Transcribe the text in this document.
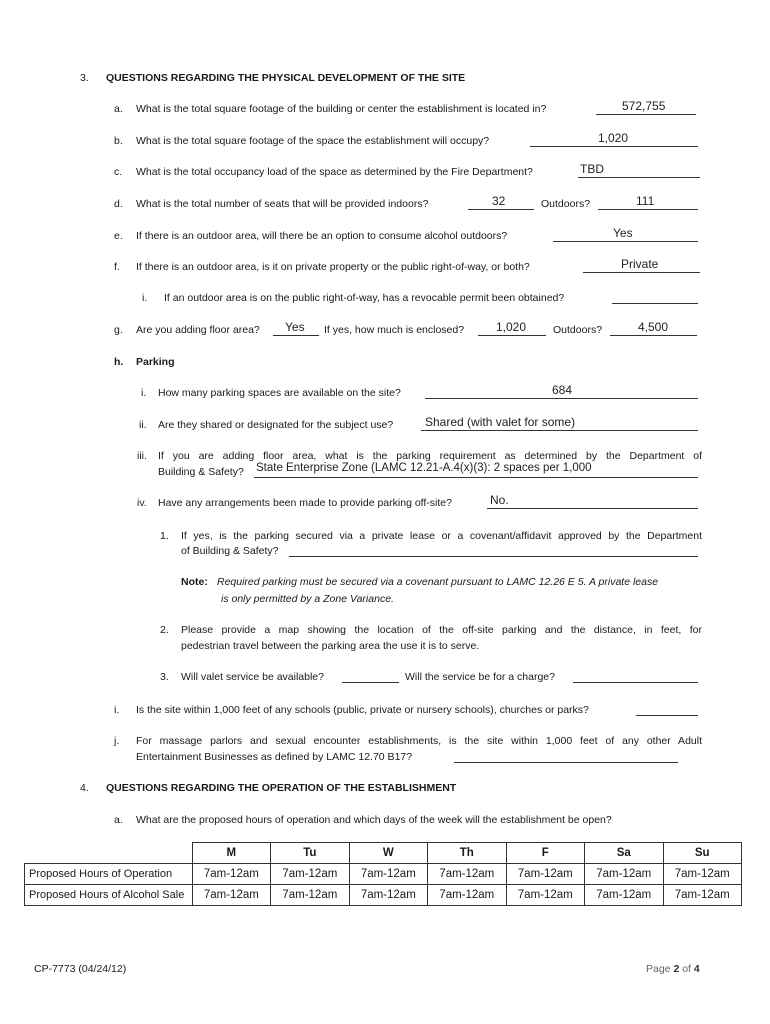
3. QUESTIONS REGARDING THE PHYSICAL DEVELOPMENT OF THE SITE
a. What is the total square footage of the building or center the establishment is located in?	572,755
b. What is the total square footage of the space the establishment will occupy?	1,020
c. What is the total occupancy load of the space as determined by the Fire Department?	TBD
d. What is the total number of seats that will be provided indoors?	32	Outdoors?	111
e. If there is an outdoor area, will there be an option to consume alcohol outdoors?	Yes
f. If there is an outdoor area, is it on private property or the public right-of-way, or both?	Private
i. If an outdoor area is on the public right-of-way, has a revocable permit been obtained?
g. Are you adding floor area? Yes If yes, how much is enclosed?	1,020	Outdoors?	4,500
h. Parking
i. How many parking spaces are available on the site?	684
ii. Are they shared or designated for the subject use?	Shared (with valet for some)
iii. If you are adding floor area, what is the parking requirement as determined by the Department of
Building & Safety? State Enterprise Zone (LAMC 12.21-A.4(x)(3): 2 spaces per 1,000
iv. Have any arrangements been made to provide parking off-site?	No.
1. If yes, is the parking secured via a private lease or a covenant/affidavit approved by the Department
of Building & Safety?
Note: Required parking must be secured via a covenant pursuant to LAMC 12.26 E 5. A private lease
is only permitted by a Zone Variance.
2. Please provide a map showing the location of the off-site parking and the distance, in feet, for
pedestrian travel between the parking area the use it is to serve.
3. Will valet service be available?	Will the service be for a charge?
i. Is the site within 1,000 feet of any schools (public, private or nursery schools), churches or parks?
j. For massage parlors and sexual encounter establishments, is the site within 1,000 feet of any other Adult
Entertainment Businesses as defined by LAMC 12.70 B17?
4. QUESTIONS REGARDING THE OPERATION OF THE ESTABLISHMENT
a. What are the proposed hours of operation and which days of the week will the establishment be open?
	M	Tu	W	Th	F	Sa	Su
Proposed Hours of Operation	7am-12am	7am-12am	7am-12am	7am-12am	7am-12am	7am-12am	7am-12am
Proposed Hours of Alcohol Sale	7am-12am	7am-12am	7am-12am	7am-12am	7am-12am	7am-12am	7am-12am
CP-7773 (04/24/12)	Page 2 of 4
